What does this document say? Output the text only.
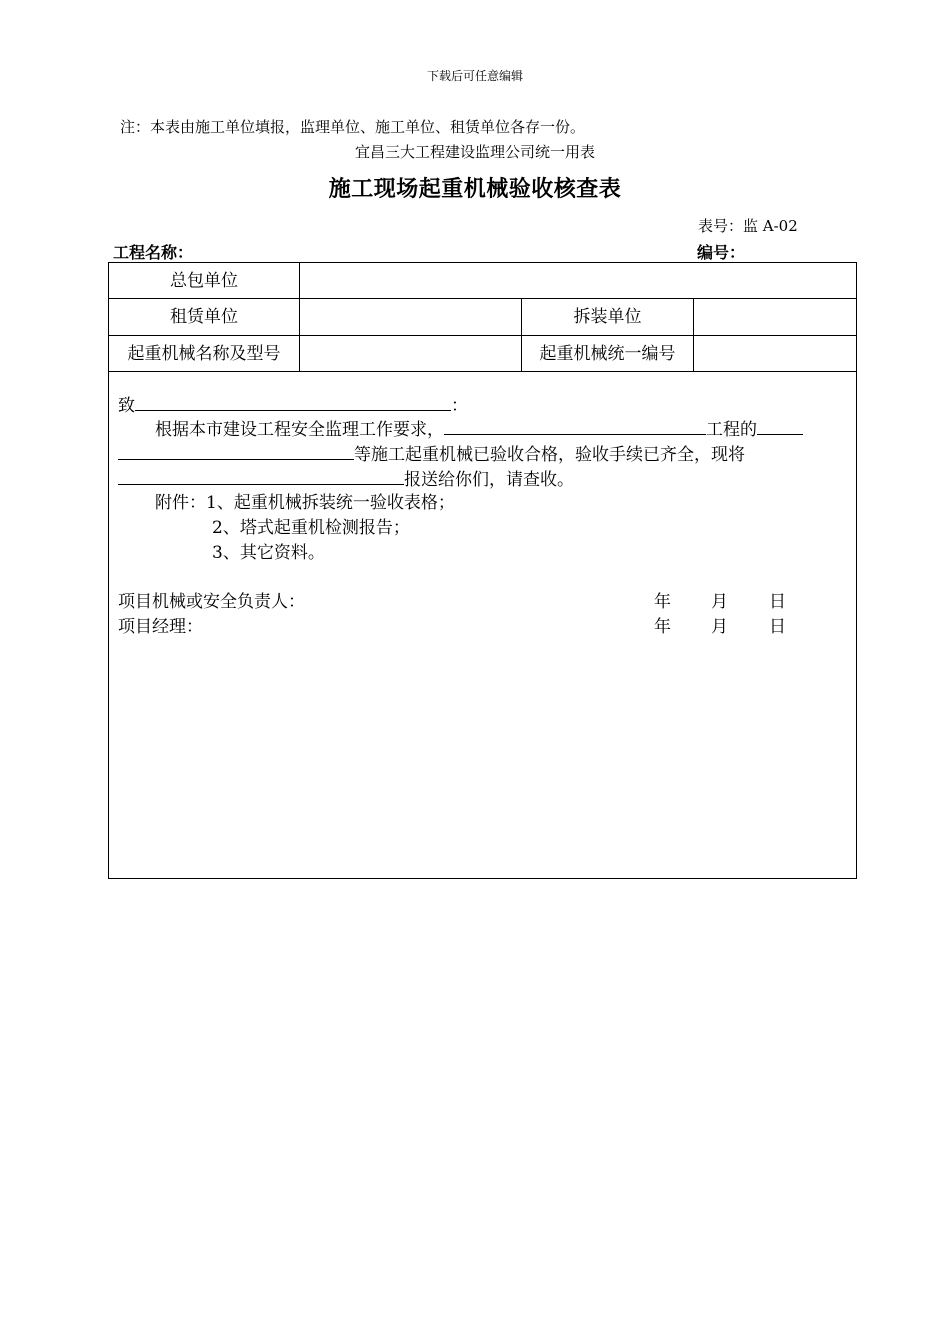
下载后可任意编辑
注：本表由施工单位填报，监理单位、施工单位、租赁单位各存一份。
宜昌三大工程建设监理公司统一用表
施工现场起重机械验收核查表
表号：监 A-02
工程名称：	编号：
总包单位
租赁单位	拆装单位
起重机械名称及型号	起重机械统一编号
致	：
根据本市建设工程安全监理工作要求，	工程的
等施工起重机械已验收合格，验收手续已齐全，现将
报送给你们，请查收。
附件：1、起重机械拆装统一验收表格；
2、塔式起重机检测报告；
3、其它资料。
项目机械或安全负责人：	年 月 日
项目经理：	年 月 日
